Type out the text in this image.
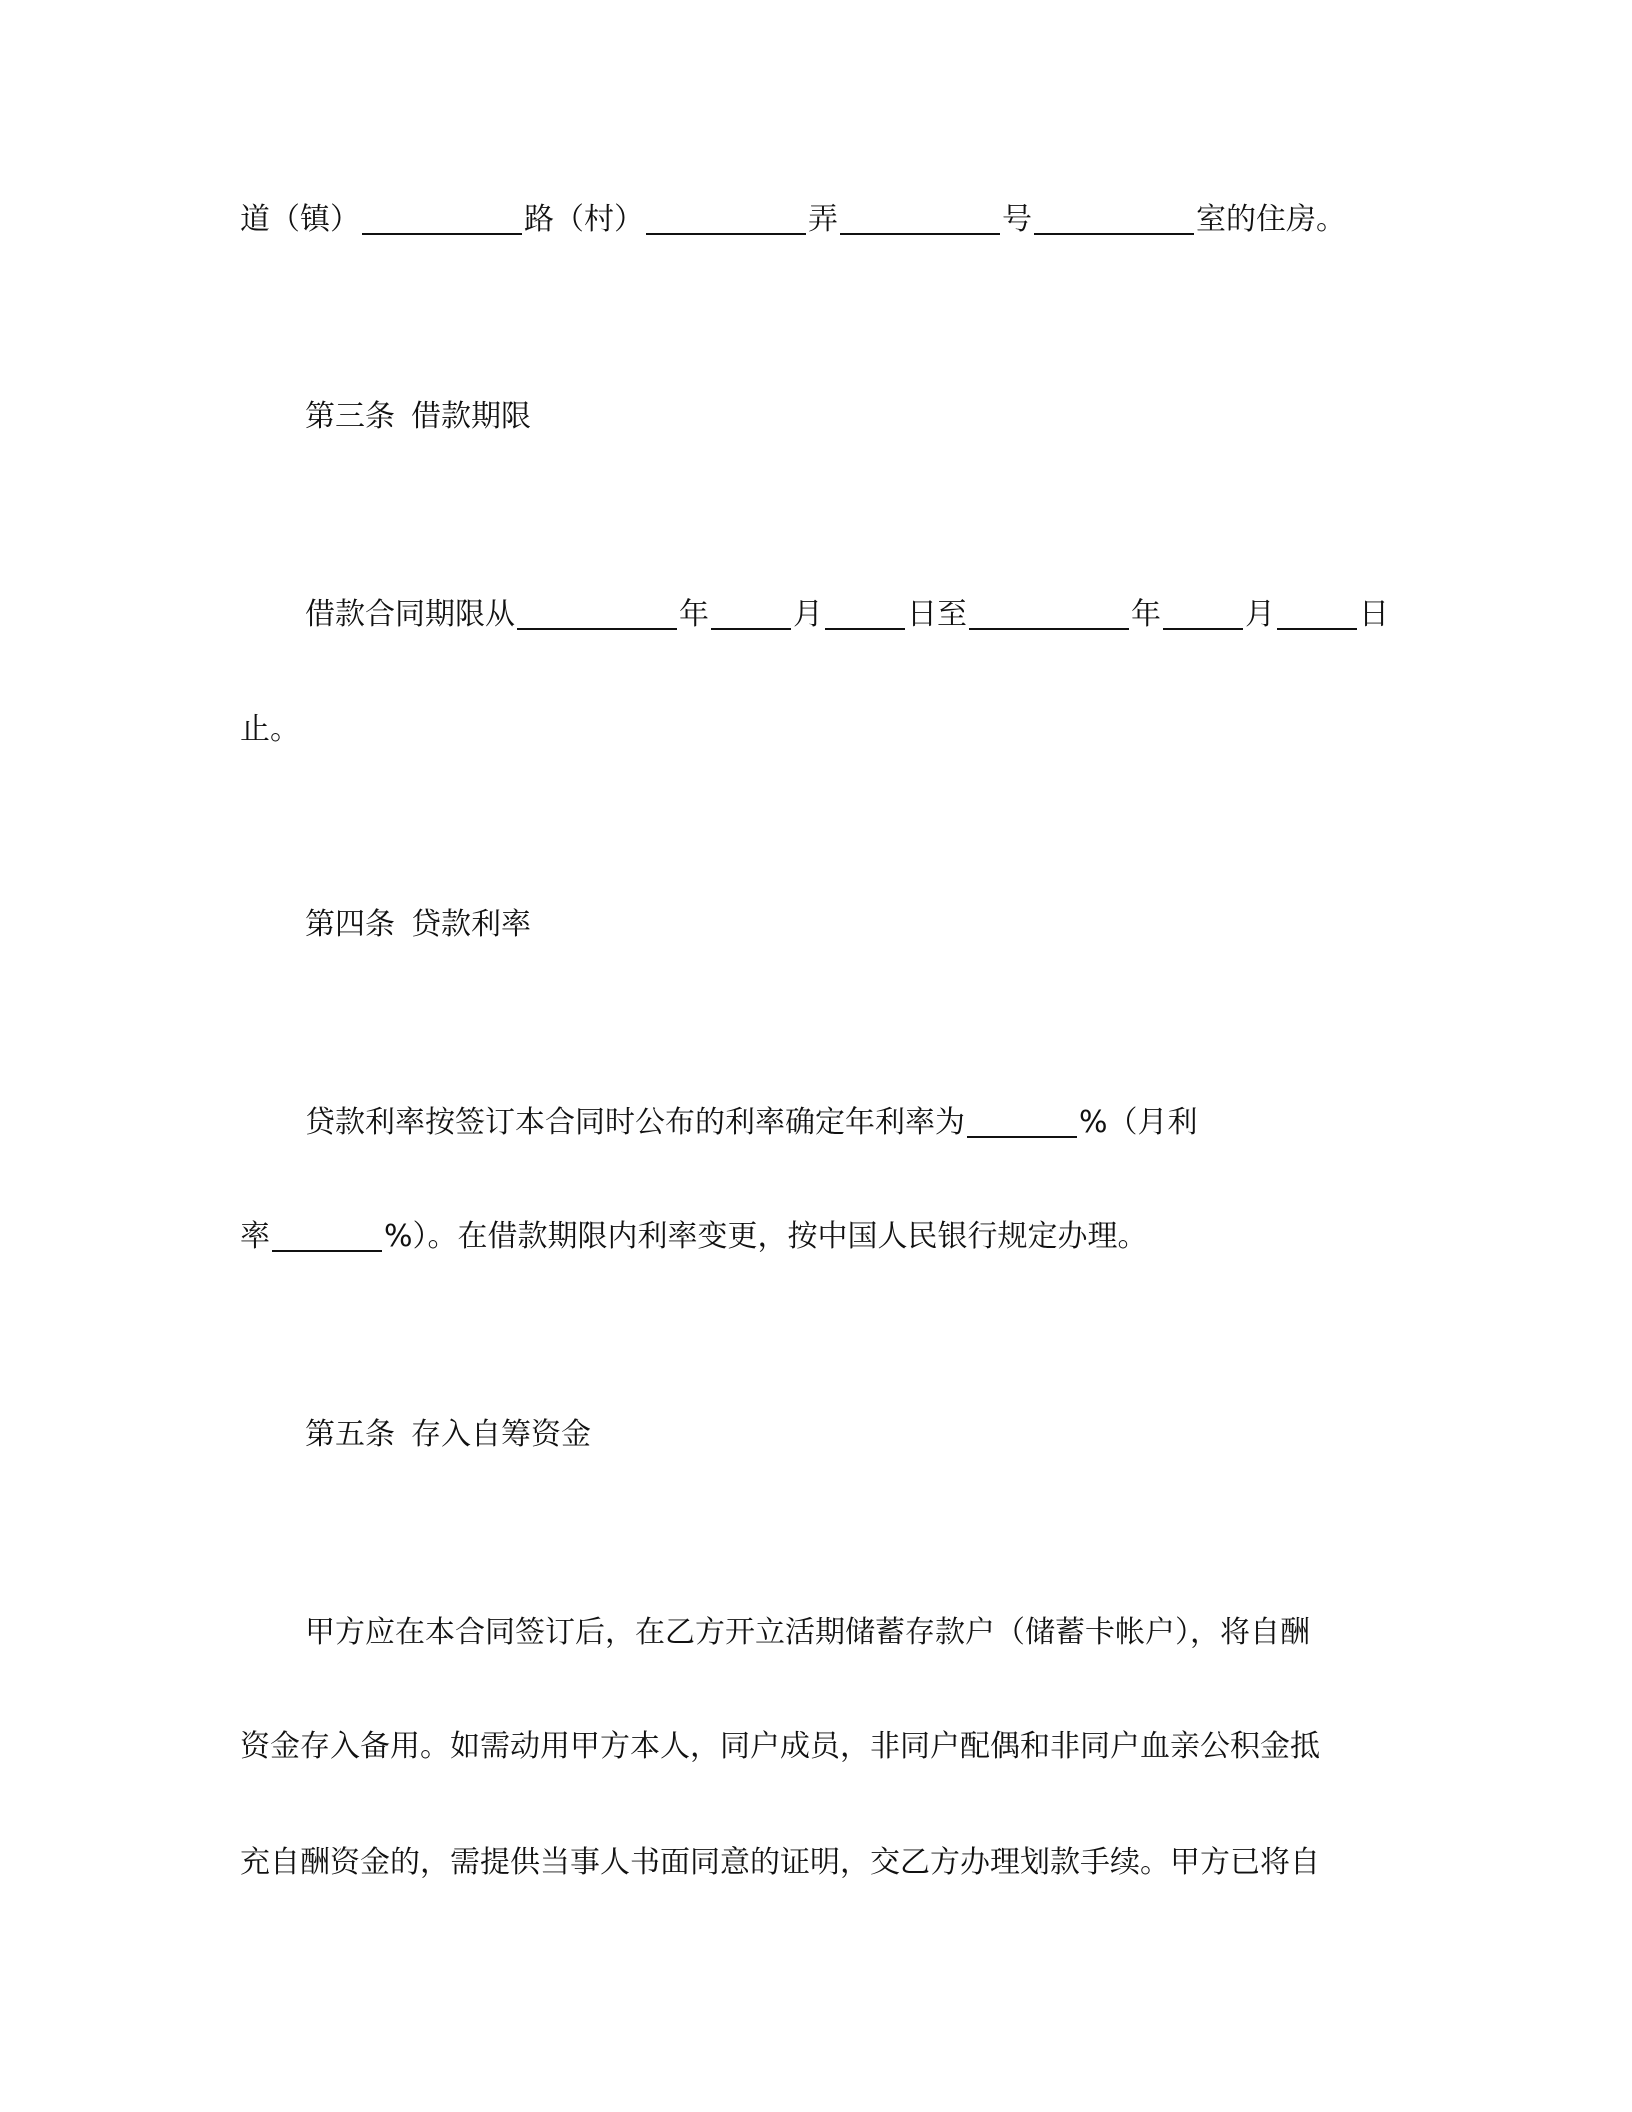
道（镇）	路（村）	弄	号	室的住房。
第三条 借款期限
借款合同期限从	年	月	日至	年	月	日
止。
第四条 贷款利率
贷款利率按签订本合同时公布的利率确定年利率为	%（月利
率	%）。在借款期限内利率变更，按中国人民银行规定办理。
第五条 存入自筹资金
甲方应在本合同签订后，在乙方开立活期储蓄存款户（储蓄卡帐户），将自酬
资金存入备用。如需动用甲方本人，同户成员，非同户配偶和非同户血亲公积金抵
充自酬资金的，需提供当事人书面同意的证明，交乙方办理划款手续。甲方已将自
